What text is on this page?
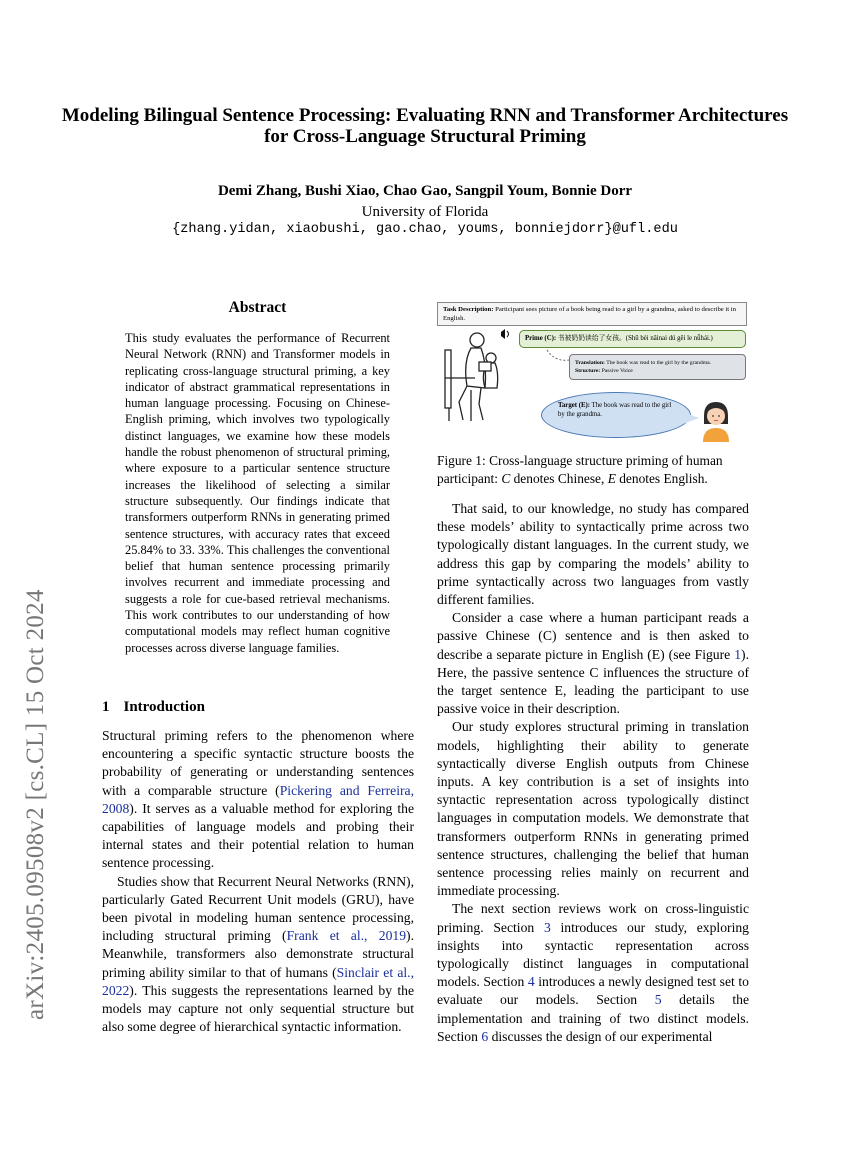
arXiv:2405.09508v2 [cs.CL] 15 Oct 2024
Modeling Bilingual Sentence Processing: Evaluating RNN and Transformer Architectures for Cross-Language Structural Priming
Demi Zhang, Bushi Xiao, Chao Gao, Sangpil Youm, Bonnie Dorr
University of Florida
{zhang.yidan, xiaobushi, gao.chao, youms, bonniejdorr}@ufl.edu
Abstract

This study evaluates the performance of Recurrent Neural Network (RNN) and Transformer models in replicating cross-language structural priming, a key indicator of abstract grammatical representations in human language processing. Focusing on Chinese-English priming, which involves two typologically distinct languages, we examine how these models handle the robust phenomenon of structural priming, where exposure to a particular sentence structure increases the likelihood of selecting a similar structure subsequently. Our findings indicate that transformers outperform RNNs in generating primed sentence structures, with accuracy rates that exceed 25.84% to 33. 33%. This challenges the conventional belief that human sentence processing primarily involves recurrent and immediate processing and suggests a role for cue-based retrieval mechanisms. This work contributes to our understanding of how computational models may reflect human cognitive processes across diverse language families.

1 Introduction

Structural priming refers to the phenomenon where encountering a specific syntactic structure boosts the probability of generating or understanding sentences with a comparable structure (Pickering and Ferreira, 2008). It serves as a valuable method for exploring the capabilities of language models and probing their internal states and their potential relation to human sentence processing.

Studies show that Recurrent Neural Networks (RNN), particularly Gated Recurrent Unit models (GRU), have been pivotal in modeling human sentence processing, including structural priming (Frank et al., 2019). Meanwhile, transformers also demonstrate structural priming ability similar to that of humans (Sinclair et al., 2022). This suggests the representations learned by the models may capture not only sequential structure but also some degree of hierarchical syntactic information.

Task Description: Participant sees picture of a book being read to a girl by a grandma, asked to describe it in English.
Prime (C): 书被奶奶读给了女孩。(Shū bèi nǎinai dú gěi le nǚhái.)
Translation: The book was read to the girl by the grandma.
Structure: Passive Voice
Target (E): The book was read to the girl by the grandma.

Figure 1: Cross-language structure priming of human participant: C denotes Chinese, E denotes English.

That said, to our knowledge, no study has compared these models’ ability to syntactically prime across two typologically distant languages. In the current study, we address this gap by comparing the models’ ability to prime syntactically across two languages from vastly different families.

Consider a case where a human participant reads a passive Chinese (C) sentence and is then asked to describe a separate picture in English (E) (see Figure 1). Here, the passive sentence C influences the structure of the target sentence E, leading the participant to use passive voice in their description.

Our study explores structural priming in translation models, highlighting their ability to generate syntactically diverse English outputs from Chinese inputs. A key contribution is a set of insights into syntactic representation across typologically distinct languages in computation models. We demonstrate that transformers outperform RNNs in generating primed sentence structures, challenging the belief that human sentence processing relies mainly on recurrent and immediate processing.

The next section reviews work on cross-linguistic priming. Section 3 introduces our study, exploring insights into syntactic representation across typologically distinct languages in computational models. Section 4 introduces a newly designed test set to evaluate our models. Section 5 details the implementation and training of two distinct models. Section 6 discusses the design of our experimental
